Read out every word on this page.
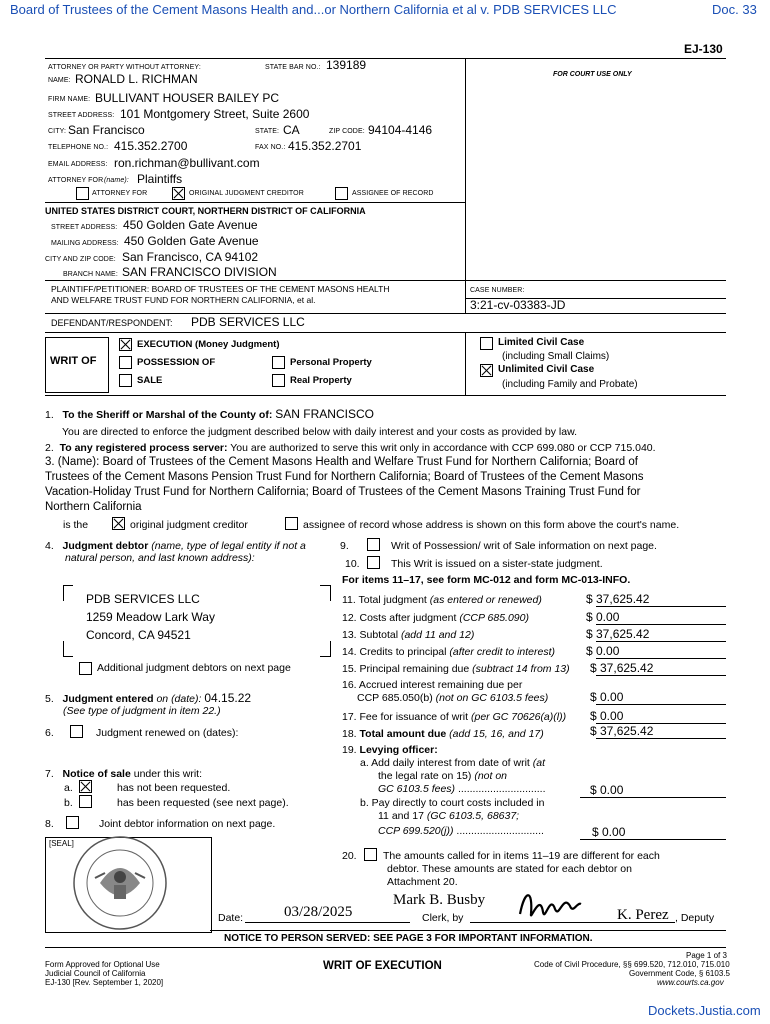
Board of Trustees of the Cement Masons Health and...or Northern California et al v. PDB SERVICES LLC	Doc. 33
EJ-130
ATTORNEY OR PARTY WITHOUT ATTORNEY:	STATE BAR NO.: 139189
NAME: RONALD L. RICHMAN
FIRM NAME: BULLIVANT HOUSER BAILEY PC
STREET ADDRESS: 101 Montgomery Street, Suite 2600
CITY: San Francisco	STATE: CA	ZIP CODE: 94104-4146
TELEPHONE NO.: 415.352.2700	FAX NO.: 415.352.2701
EMAIL ADDRESS: ron.richman@bullivant.com
ATTORNEY FOR (name): Plaintiffs
ATTORNEY FOR	ORIGINAL JUDGMENT CREDITOR	ASSIGNEE OF RECORD
FOR COURT USE ONLY
UNITED STATES DISTRICT COURT, NORTHERN DISTRICT OF CALIFORNIA
STREET ADDRESS: 450 Golden Gate Avenue
MAILING ADDRESS: 450 Golden Gate Avenue
CITY AND ZIP CODE: San Francisco, CA 94102
BRANCH NAME: SAN FRANCISCO DIVISION
PLAINTIFF/PETITIONER: BOARD OF TRUSTEES OF THE CEMENT MASONS HEALTH
AND WELFARE TRUST FUND FOR NORTHERN CALIFORNIA, et al.
CASE NUMBER:
3:21-cv-03383-JD
DEFENDANT/RESPONDENT: PDB SERVICES LLC
WRIT OF
EXECUTION (Money Judgment)
POSSESSION OF	Personal Property
SALE	Real Property
Limited Civil Case
(including Small Claims)
Unlimited Civil Case
(including Family and Probate)
1. To the Sheriff or Marshal of the County of: SAN FRANCISCO
You are directed to enforce the judgment described below with daily interest and your costs as provided by law.
2. To any registered process server: You are authorized to serve this writ only in accordance with CCP 699.080 or CCP 715.040.
3. (Name): Board of Trustees of the Cement Masons Health and Welfare Trust Fund for Northern California; Board of
Trustees of the Cement Masons Pension Trust Fund for Northern California; Board of Trustees of the Cement Masons
Vacation-Holiday Trust Fund for Northern California; Board of Trustees of the Cement Masons Training Trust Fund for
Northern California
is the	original judgment creditor	assignee of record whose address is shown on this form above the court's name.
4. Judgment debtor (name, type of legal entity if not a
natural person, and last known address):
PDB SERVICES LLC
1259 Meadow Lark Way
Concord, CA 94521
Additional judgment debtors on next page
5. Judgment entered on (date): 04.15.22
(See type of judgment in item 22.)
6.	Judgment renewed on (dates):
7. Notice of sale under this writ:
a.	has not been requested.
b.	has been requested (see next page).
8.	Joint debtor information on next page.
[SEAL]
9.	Writ of Possession/ writ of Sale information on next page.
10.	This Writ is issued on a sister-state judgment.
For items 11–17, see form MC-012 and form MC-013-INFO.
11. Total judgment (as entered or renewed)	$ 37,625.42
12. Costs after judgment (CCP 685.090)	$ 0.00
13. Subtotal (add 11 and 12)	$ 37,625.42
14. Credits to principal (after credit to interest)	$ 0.00
15. Principal remaining due (subtract 14 from 13) $ 37,625.42
16. Accrued interest remaining due per
CCP 685.050(b) (not on GC 6103.5 fees)	$ 0.00
17. Fee for issuance of writ (per GC 70626(a)(l)) $ 0.00
18. Total amount due (add 15, 16, and 17)	$ 37,625.42
19. Levying officer:
a. Add daily interest from date of writ (at
the legal rate on 15) (not on
GC 6103.5 fees) ..............................	$ 0.00
b. Pay directly to court costs included in
11 and 17 (GC 6103.5, 68637;
CCP 699.520(j)) ..............................	$ 0.00
20.	The amounts called for in items 11–19 are different for each
debtor. These amounts are stated for each debtor on
Attachment 20.
Date:	03/28/2025
Mark B. Busby
Clerk, by	K. Perez , Deputy
NOTICE TO PERSON SERVED: SEE PAGE 3 FOR IMPORTANT INFORMATION.
Form Approved for Optional Use
Judicial Council of California
EJ-130 [Rev. September 1, 2020]
WRIT OF EXECUTION
Page 1 of 3
Code of Civil Procedure, §§ 699.520, 712.010, 715.010
Government Code, § 6103.5
www.courts.ca.gov
Dockets.Justia.com
